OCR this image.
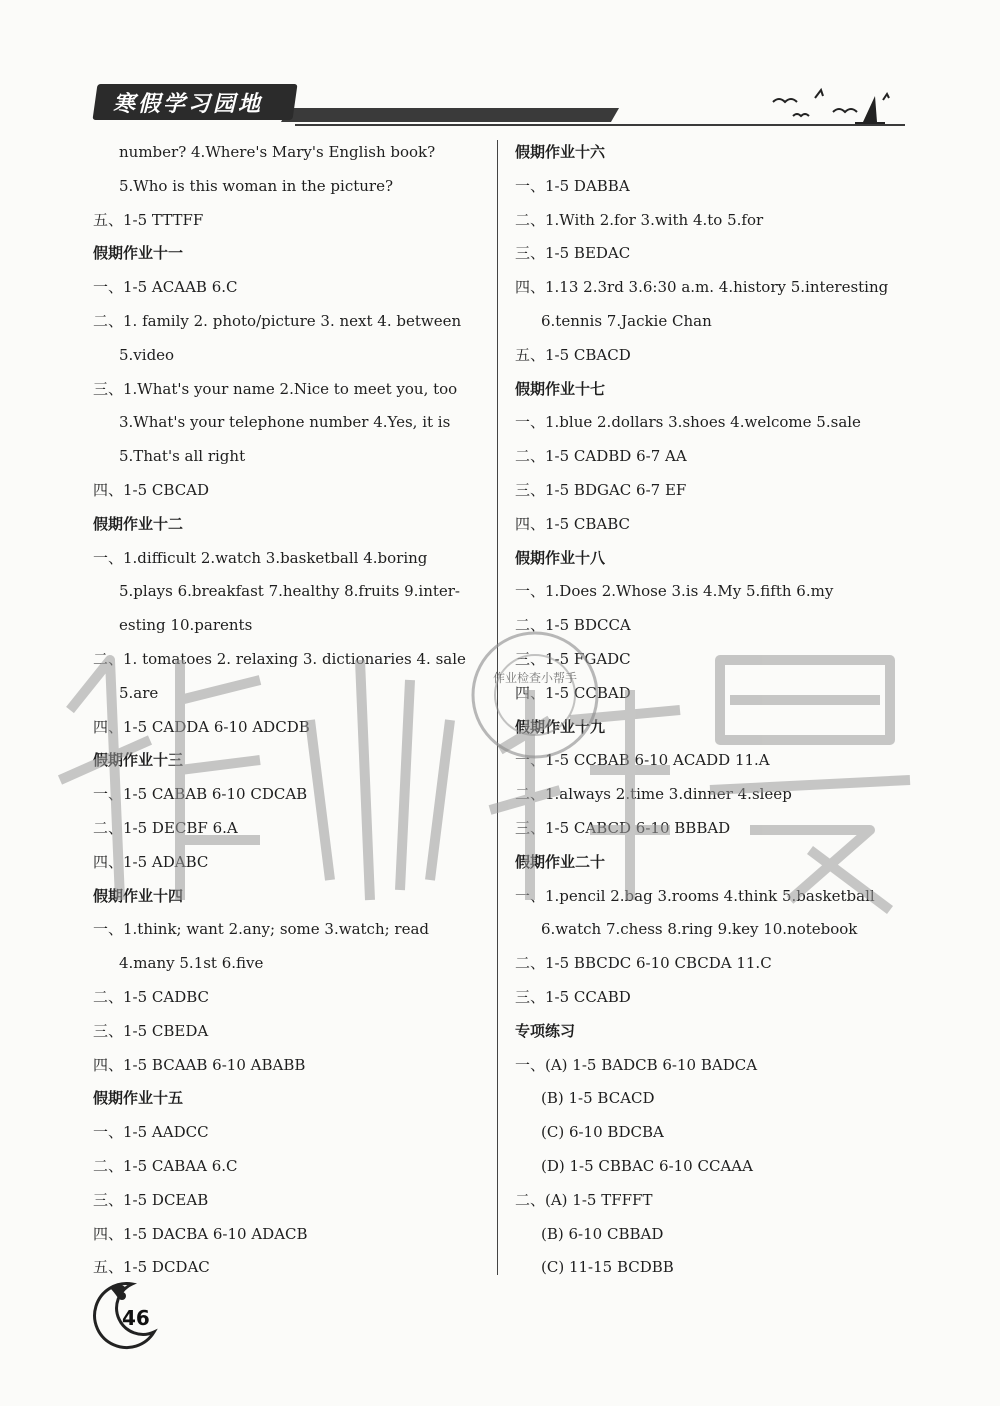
寒假学习园地
number? 4.Where's Mary's English book?
5.Who is this woman in the picture?
五、1-5 TTTFF
假期作业十一
一、1-5 ACAAB 6.C
二、1. family 2. photo/picture 3. next 4. between
5.video
三、1.What's your name 2.Nice to meet you, too
3.What's your telephone number 4.Yes, it is
5.That's all right
四、1-5 CBCAD
假期作业十二
一、1.difficult 2.watch 3.basketball 4.boring
5.plays 6.breakfast 7.healthy 8.fruits 9.inter-
esting 10.parents
二、1. tomatoes 2. relaxing 3. dictionaries 4. sale
5.are
四、1-5 CADDA 6-10 ADCDB
假期作业十三
一、1-5 CABAB 6-10 CDCAB
二、1-5 DECBF 6.A
四、1-5 ADABC
假期作业十四
一、1.think; want 2.any; some 3.watch; read
4.many 5.1st 6.five
二、1-5 CADBC
三、1-5 CBEDA
四、1-5 BCAAB 6-10 ABABB
假期作业十五
一、1-5 AADCC
二、1-5 CABAA 6.C
三、1-5 DCEAB
四、1-5 DACBA 6-10 ADACB
五、1-5 DCDAC
假期作业十六
一、1-5 DABBA
二、1.With 2.for 3.with 4.to 5.for
三、1-5 BEDAC
四、1.13 2.3rd 3.6:30 a.m. 4.history 5.interesting
6.tennis 7.Jackie Chan
五、1-5 CBACD
假期作业十七
一、1.blue 2.dollars 3.shoes 4.welcome 5.sale
二、1-5 CADBD 6-7 AA
三、1-5 BDGAC 6-7 EF
四、1-5 CBABC
假期作业十八
一、1.Does 2.Whose 3.is 4.My 5.fifth 6.my
二、1-5 BDCCA
三、1-5 FGADC
四、1-5 CCBAD
假期作业十九
一、1-5 CCBAB 6-10 ACADD 11.A
二、1.always 2.time 3.dinner 4.sleep
三、1-5 CABCD 6-10 BBBAD
假期作业二十
一、1.pencil 2.bag 3.rooms 4.think 5.basketball
6.watch 7.chess 8.ring 9.key 10.notebook
二、1-5 BBCDC 6-10 CBCDA 11.C
三、1-5 CCABD
专项练习
一、(A) 1-5 BADCB 6-10 BADCA
(B) 1-5 BCACD
(C) 6-10 BDCBA
(D) 1-5 CBBAC 6-10 CCAAA
二、(A) 1-5 TFFFT
(B) 6-10 CBBAD
(C) 11-15 BCDBB
作业精灵
作业检查小帮手
46
